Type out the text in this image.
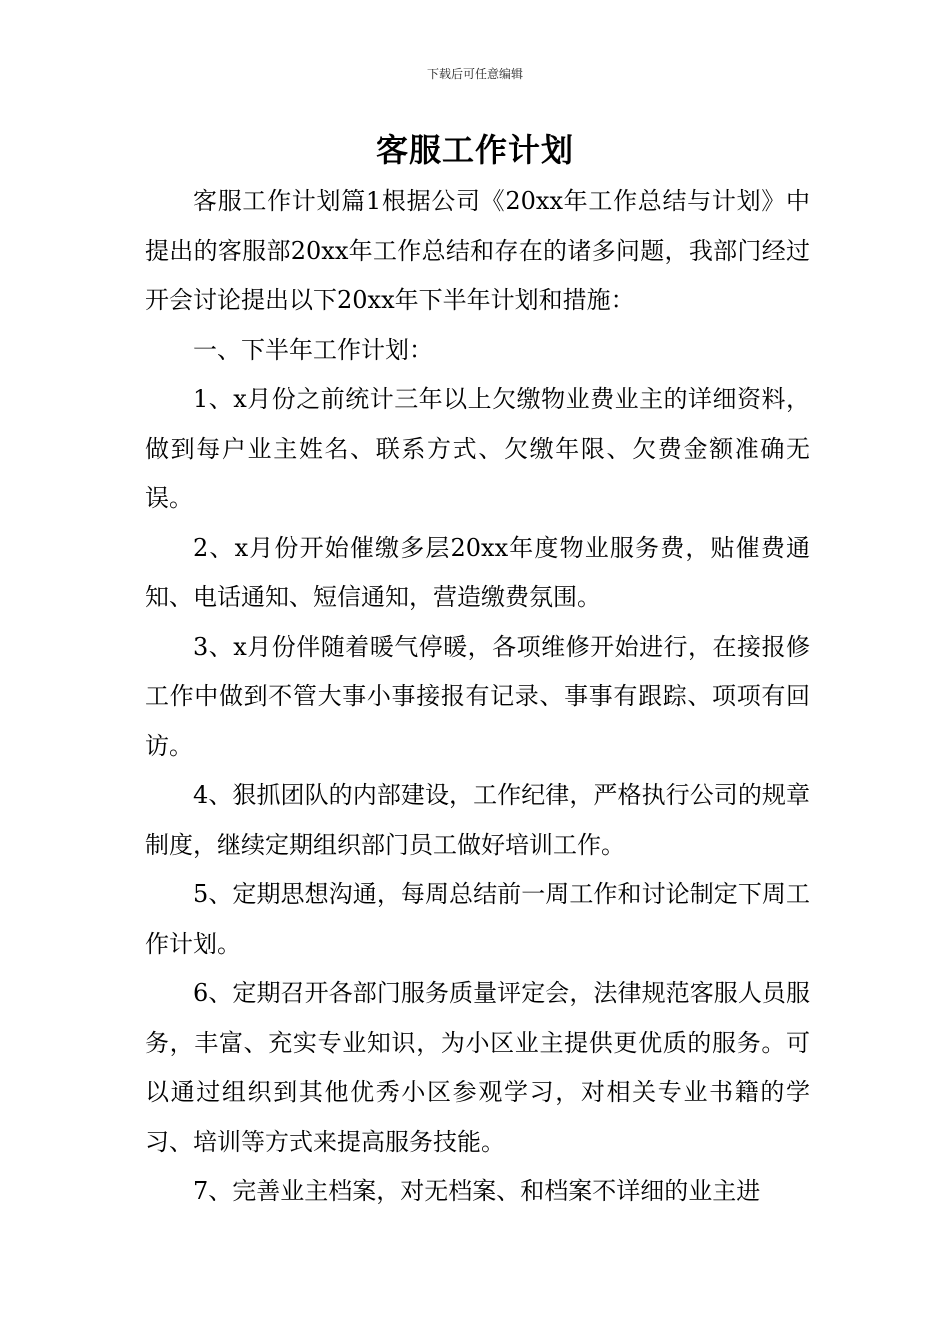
下载后可任意编辑
客服工作计划

客服工作计划篇1根据公司《20xx年工作总结与计划》中提出的客服部20xx年工作总结和存在的诸多问题，我部门经过开会讨论提出以下20xx年下半年计划和措施：

一、下半年工作计划：

1、x月份之前统计三年以上欠缴物业费业主的详细资料，做到每户业主姓名、联系方式、欠缴年限、欠费金额准确无误。

2、x月份开始催缴多层20xx年度物业服务费，贴催费通知、电话通知、短信通知，营造缴费氛围。

3、x月份伴随着暖气停暖，各项维修开始进行，在接报修工作中做到不管大事小事接报有记录、事事有跟踪、项项有回访。

4、狠抓团队的内部建设，工作纪律，严格执行公司的规章制度，继续定期组织部门员工做好培训工作。

5、定期思想沟通，每周总结前一周工作和讨论制定下周工作计划。

6、定期召开各部门服务质量评定会，法律规范客服人员服务，丰富、充实专业知识，为小区业主提供更优质的服务。可以通过组织到其他优秀小区参观学习，对相关专业书籍的学习、培训等方式来提高服务技能。

7、完善业主档案，对无档案、和档案不详细的业主进
